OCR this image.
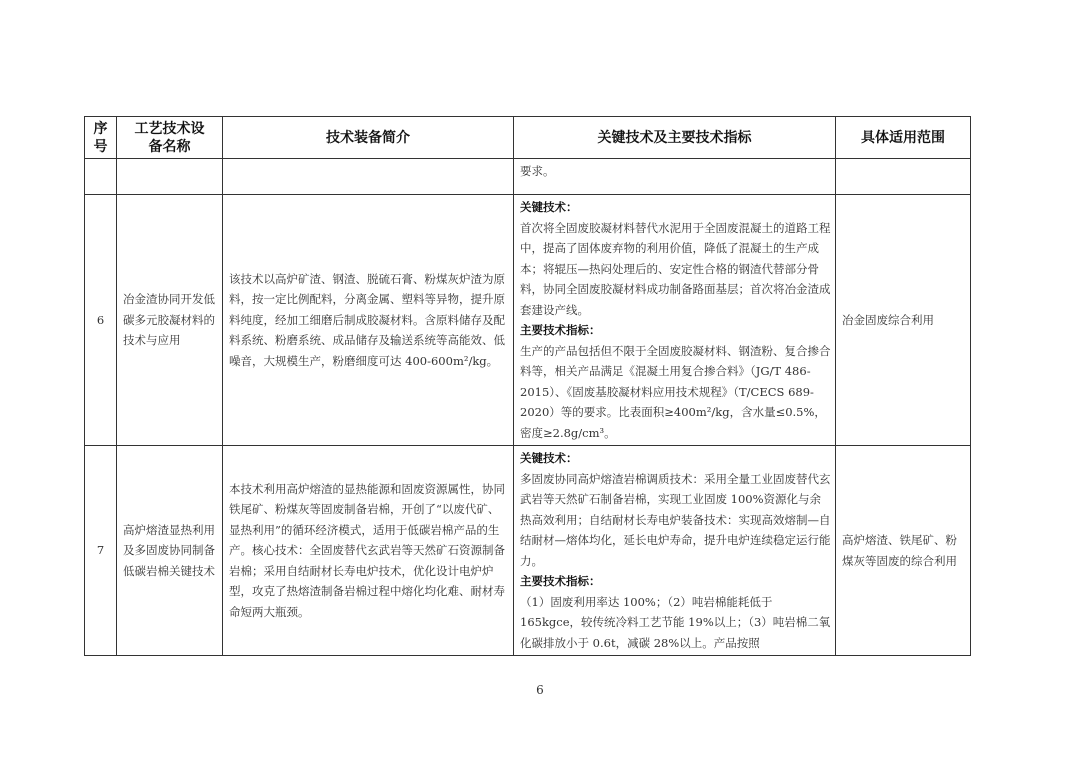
序号	工艺技术设备名称	技术装备简介	关键技术及主要技术指标	具体适用范围
			要求。	
6	冶金渣协同开发低碳多元胶凝材料的技术与应用	该技术以高炉矿渣、钢渣、脱硫石膏、粉煤灰炉渣为原料，按一定比例配料，分离金属、塑料等异物，提升原料纯度，经加工细磨后制成胶凝材料。含原料储存及配料系统、粉磨系统、成品储存及输送系统等高能效、低噪音，大规模生产，粉磨细度可达 400-600m²/kg。	关键技术：
首次将全固废胶凝材料替代水泥用于全固废混凝土的道路工程中，提高了固体废弃物的利用价值，降低了混凝土的生产成本；将辊压—热闷处理后的、安定性合格的钢渣代替部分骨料，协同全固废胶凝材料成功制备路面基层；首次将冶金渣成套建设产线。
主要技术指标：
生产的产品包括但不限于全固废胶凝材料、钢渣粉、复合掺合料等，相关产品满足《混凝土用复合掺合料》（JG/T 486-2015）、《固废基胶凝材料应用技术规程》（T/CECS 689-2020）等的要求。比表面积≥400m²/kg，含水量≤0.5%，密度≥2.8g/cm³。	冶金固废综合利用
7	高炉熔渣显热利用及多固废协同制备低碳岩棉关键技术	本技术利用高炉熔渣的显热能源和固废资源属性，协同铁尾矿、粉煤灰等固废制备岩棉，开创了“以废代矿、显热利用”的循环经济模式，适用于低碳岩棉产品的生产。核心技术：全固废替代玄武岩等天然矿石资源制备岩棉；采用自结耐材长寿电炉技术，优化设计电炉炉型，攻克了热熔渣制备岩棉过程中熔化均化难、耐材寿命短两大瓶颈。	关键技术：
多固废协同高炉熔渣岩棉调质技术：采用全量工业固废替代玄武岩等天然矿石制备岩棉，实现工业固废 100%资源化与余热高效利用；自结耐材长寿电炉装备技术：实现高效熔制—自结耐材—熔体均化，延长电炉寿命，提升电炉连续稳定运行能力。
主要技术指标：
（1）固废利用率达 100%；（2）吨岩棉能耗低于 165kgce，较传统冷料工艺节能 19%以上；（3）吨岩棉二氧化碳排放小于 0.6t，减碳 28%以上。产品按照	高炉熔渣、铁尾矿、粉煤灰等固废的综合利用
6
